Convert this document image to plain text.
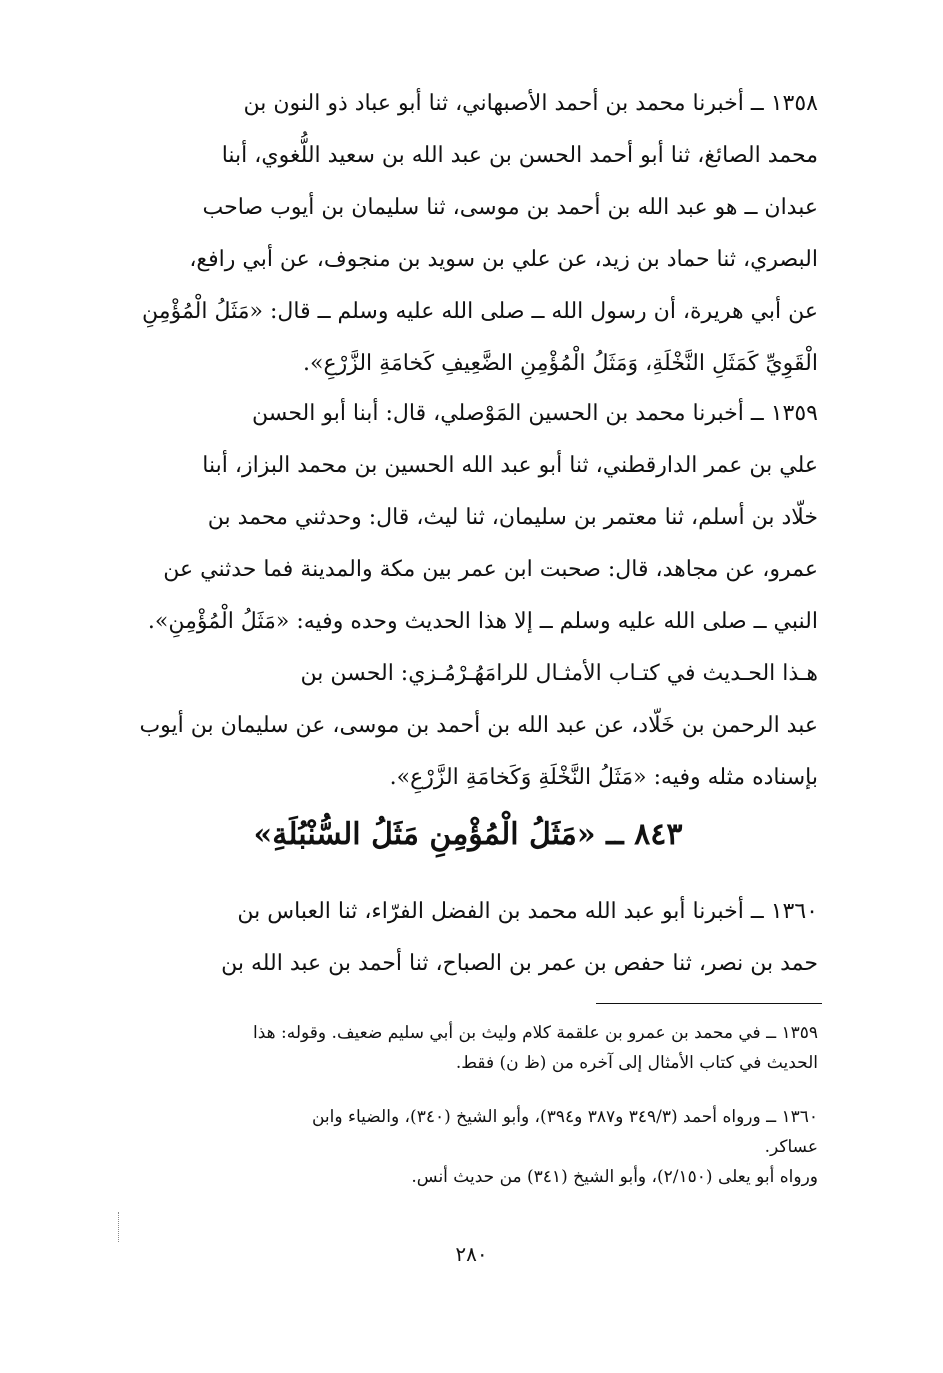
١٣٥٨ ــ أخبرنا محمد بن أحمد الأصبهاني، ثنا أبو عباد ذو النون بن
محمد الصائغ، ثنا أبو أحمد الحسن بن عبد الله بن سعيد اللُّغوي، أبنا
عبدان ــ هو عبد الله بن أحمد بن موسى، ثنا سليمان بن أيوب صاحب
البصري، ثنا حماد بن زيد، عن علي بن سويد بن منجوف، عن أبي رافع،
عن أبي هريرة، أن رسول الله ــ صلى الله عليه وسلم ــ قال: «مَثَلُ الْمُؤْمِنِ
الْقَوِيِّ كَمَثَلِ النَّخْلَةِ، وَمَثَلُ الْمُؤْمِنِ الضَّعِيفِ كَخامَةِ الزَّرْعِ».
١٣٥٩ ــ أخبرنا محمد بن الحسين المَوْصلي، قال: أبنا أبو الحسن
علي بن عمر الدارقطني، ثنا أبو عبد الله الحسين بن محمد البزاز، أبنا
خلّاد بن أسلم، ثنا معتمر بن سليمان، ثنا ليث، قال: وحدثني محمد بن
عمرو، عن مجاهد، قال: صحبت ابن عمر بين مكة والمدينة فما حدثني عن
النبي ــ صلى الله عليه وسلم ــ إلا هذا الحديث وحده وفيه: «مَثَلُ الْمُؤْمِنِ».
هـذا الحـديث في كتـاب الأمثـال للرامَهُـرْمُـزي: الحسن بن
عبد الرحمن بن خَلّاد، عن عبد الله بن أحمد بن موسى، عن سليمان بن أيوب
بإسناده مثله وفيه: «مَثَلُ النَّخْلَةِ وَكَخامَةِ الزَّرْعِ».
٨٤٣ ــ «مَثَلُ الْمُؤْمِنِ مَثَلُ السُّنْبُلَةِ»
١٣٦٠ ــ أخبرنا أبو عبد الله محمد بن الفضل الفرّاء، ثنا العباس بن
حمد بن نصر، ثنا حفص بن عمر بن الصباح، ثنا أحمد بن عبد الله بن
١٣٥٩ ــ في محمد بن عمرو بن علقمة كلام وليث بن أبي سليم ضعيف. وقوله: هذا
الحديث في كتاب الأمثال إلى آخره من (ظ ن) فقط.
١٣٦٠ ــ ورواه أحمد (٣٤٩/٣ و٣٨٧ و٣٩٤)، وأبو الشيخ (٣٤٠)، والضياء وابن
عساكر.
ورواه أبو يعلى (٢/١٥٠)، وأبو الشيخ (٣٤١) من حديث أنس.
٢٨٠
